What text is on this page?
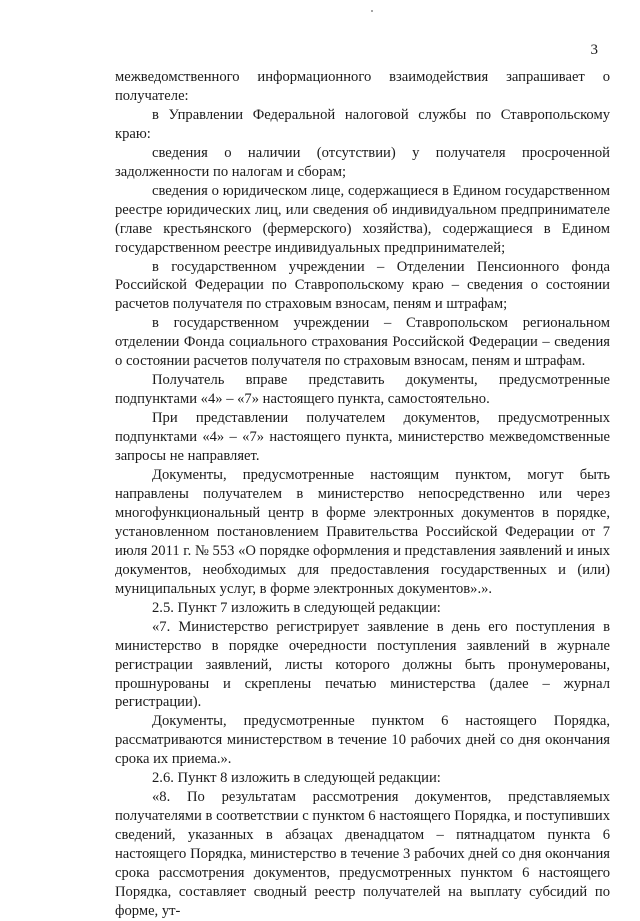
3

межведомственного информационного взаимодействия запрашивает о получателе:

в Управлении Федеральной налоговой службы по Ставропольскому краю:

сведения о наличии (отсутствии) у получателя просроченной задолженности по налогам и сборам;

сведения о юридическом лице, содержащиеся в Едином государственном реестре юридических лиц, или сведения об индивидуальном предпринимателе (главе крестьянского (фермерского) хозяйства), содержащиеся в Едином государственном реестре индивидуальных предпринимателей;

в государственном учреждении – Отделении Пенсионного фонда Российской Федерации по Ставропольскому краю – сведения о состоянии расчетов получателя по страховым взносам, пеням и штрафам;

в государственном учреждении – Ставропольском региональном отделении Фонда социального страхования Российской Федерации – сведения о состоянии расчетов получателя по страховым взносам, пеням и штрафам.

Получатель вправе представить документы, предусмотренные подпунктами «4» – «7» настоящего пункта, самостоятельно.

При представлении получателем документов, предусмотренных подпунктами «4» – «7» настоящего пункта, министерство межведомственные запросы не направляет.

Документы, предусмотренные настоящим пунктом, могут быть направлены получателем в министерство непосредственно или через многофункциональный центр в форме электронных документов в порядке, установленном постановлением Правительства Российской Федерации от 7 июля 2011 г. № 553 «О порядке оформления и представления заявлений и иных документов, необходимых для предоставления государственных и (или) муниципальных услуг, в форме электронных документов».».

2.5. Пункт 7 изложить в следующей редакции:

«7. Министерство регистрирует заявление в день его поступления в министерство в порядке очередности поступления заявлений в журнале регистрации заявлений, листы которого должны быть пронумерованы, прошнурованы и скреплены печатью министерства (далее – журнал регистрации).

Документы, предусмотренные пунктом 6 настоящего Порядка, рассматриваются министерством в течение 10 рабочих дней со дня окончания срока их приема.».

2.6. Пункт 8 изложить в следующей редакции:

«8. По результатам рассмотрения документов, представляемых получателями в соответствии с пунктом 6 настоящего Порядка, и поступивших сведений, указанных в абзацах двенадцатом – пятнадцатом пункта 6 настоящего Порядка, министерство в течение 3 рабочих дней со дня окончания срока рассмотрения документов, предусмотренных пунктом 6 настоящего Порядка, составляет сводный реестр получателей на выплату субсидий по форме, ут-
